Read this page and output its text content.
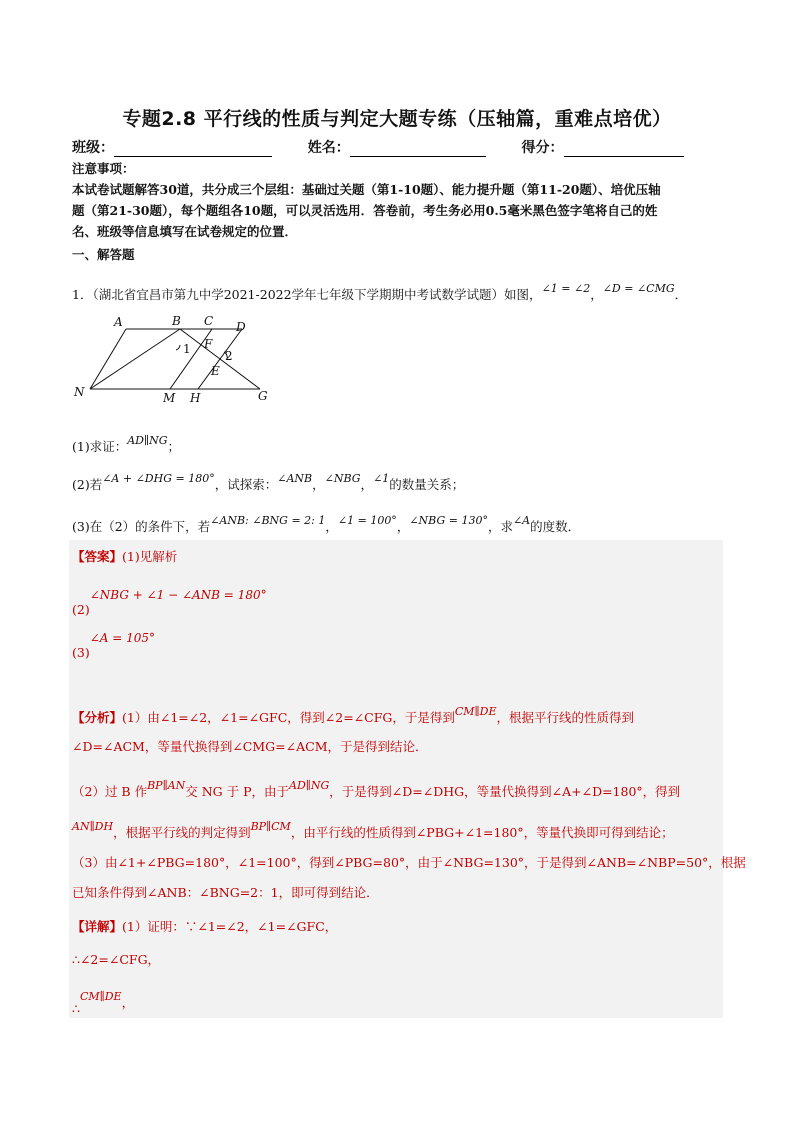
专题2.8 平行线的性质与判定大题专练（压轴篇，重难点培优）
班级：	姓名：	得分：
注意事项：
本试卷试题解答30道，共分成三个层组：基础过关题（第1-10题）、能力提升题（第11-20题）、培优压轴
题（第21-30题），每个题组各10题，可以灵活选用．答卷前，考生务必用0.5毫米黑色签字笔将自己的姓
名、班级等信息填写在试卷规定的位置．
一、解答题
1．（湖北省宜昌市第九中学2021-2022学年七年级下学期期中考试数学试题）如图，∠1 = ∠2，∠D = ∠CMG．
A	B C D
F
E
N	M H	G
1	2
(1)求证：AD∥NG；
(2)若∠A + ∠DHG = 180°，试探索：∠ANB，∠NBG，∠1的数量关系；
(3)在（2）的条件下，若∠ANB: ∠BNG = 2: 1，∠1 = 100°，∠NBG = 130°，求∠A的度数．
【答案】(1)见解析
(2)∠NBG + ∠1 − ∠ANB = 180°
(3)∠A = 105°
【分析】(1）由∠1=∠2，∠1=∠GFC，得到∠2=∠CFG，于是得到CM∥DE，根据平行线的性质得到
∠D=∠ACM，等量代换得到∠CMG=∠ACM，于是得到结论．
（2）过 B 作BP∥AN交 NG 于 P，由于AD∥NG，于是得到∠D=∠DHG，等量代换得到∠A+∠D=180°，得到
AN∥DH，根据平行线的判定得到BP∥CM，由平行线的性质得到∠PBG+∠1=180°，等量代换即可得到结论；
（3）由∠1+∠PBG=180°，∠1=100°，得到∠PBG=80°，由于∠NBG=130°，于是得到∠ANB=∠NBP=50°，根据
已知条件得到∠ANB：∠BNG=2：1，即可得到结论．
【详解】(1）证明：∵∠1=∠2，∠1=∠GFC，
∴∠2=∠CFG，
∴CM∥DE，
